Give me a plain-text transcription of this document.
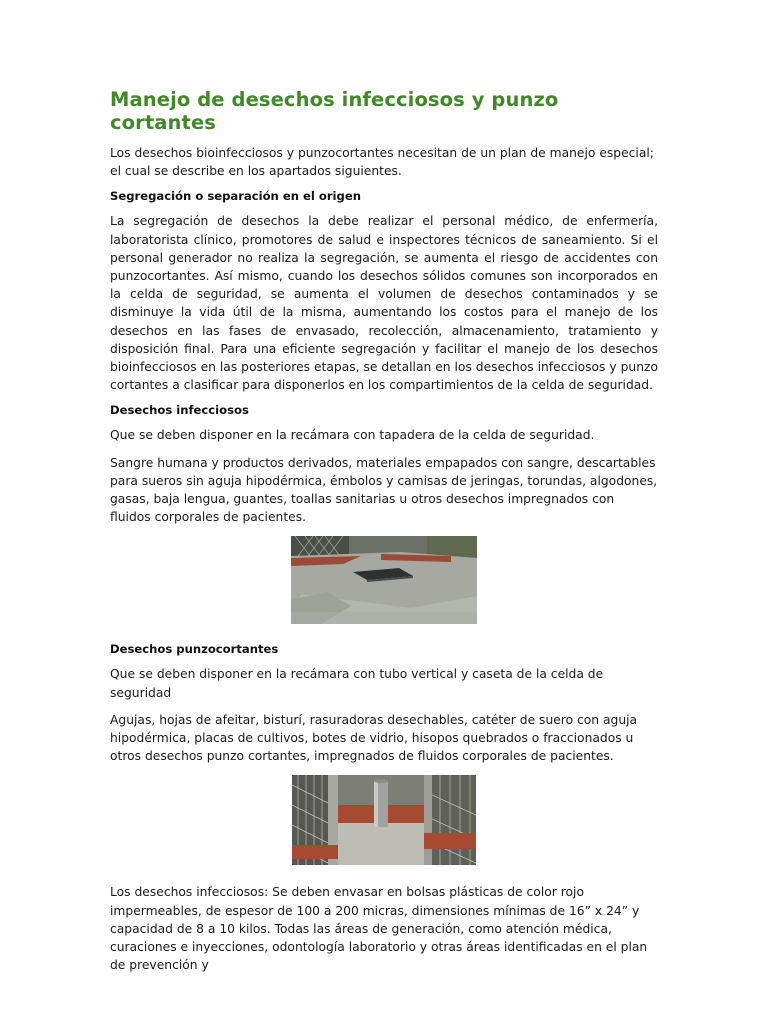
Manejo de desechos infecciosos y punzo cortantes

Los desechos bioinfecciosos y punzocortantes necesitan de un plan de manejo especial; el cual se describe en los apartados siguientes.

Segregación o separación en el origen

La segregación de desechos la debe realizar el personal médico, de enfermería, laboratorista clínico, promotores de salud e inspectores técnicos de saneamiento. Si el personal generador no realiza la segregación, se aumenta el riesgo de accidentes con punzocortantes. Así mismo, cuando los desechos sólidos comunes son incorporados en la celda de seguridad, se aumenta el volumen de desechos contaminados y se disminuye la vida útil de la misma, aumentando los costos para el manejo de los desechos en las fases de envasado, recolección, almacenamiento, tratamiento y disposición final. Para una eficiente segregación y facilitar el manejo de los desechos bioinfecciosos en las posteriores etapas, se detallan en los desechos infecciosos y punzo cortantes a clasificar para disponerlos en los compartimientos de la celda de seguridad.

Desechos infecciosos

Que se deben disponer en la recámara con tapadera de la celda de seguridad.

Sangre humana y productos derivados, materiales empapados con sangre, descartables para sueros sin aguja hipodérmica, émbolos y camisas de jeringas, torundas, algodones, gasas, baja lengua, guantes, toallas sanitarias u otros desechos impregnados con fluidos corporales de pacientes.

Desechos punzocortantes

Que se deben disponer en la recámara con tubo vertical y caseta de la celda de seguridad

Agujas, hojas de afeitar, bisturí, rasuradoras desechables, catéter de suero con aguja hipodérmica, placas de cultivos, botes de vidrio, hisopos quebrados o fraccionados u otros desechos punzo cortantes, impregnados de fluidos corporales de pacientes.

Los desechos infecciosos: Se deben envasar en bolsas plásticas de color rojo impermeables, de espesor de 100 a 200 micras, dimensiones mínimas de 16” x 24” y capacidad de 8 a 10 kilos. Todas las áreas de generación, como atención médica, curaciones e inyecciones, odontología laboratorio y otras áreas identificadas en el plan de prevención y
